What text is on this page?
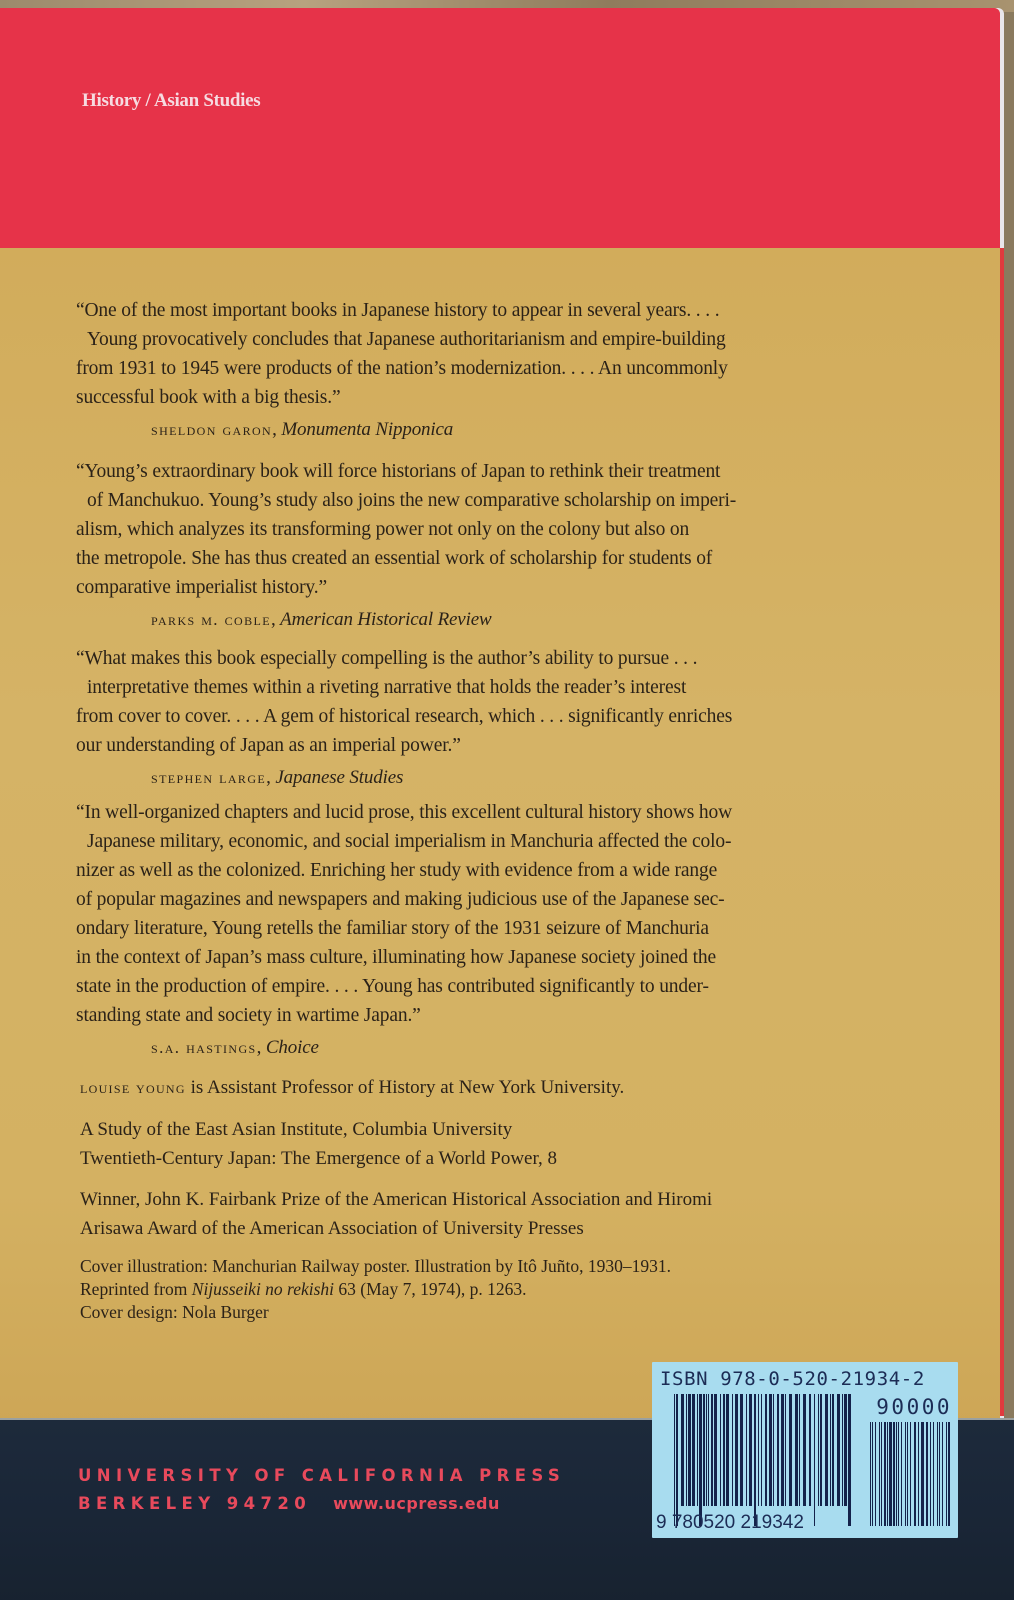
History / Asian Studies
“One of the most important books in Japanese history to appear in several years. . . .
Young provocatively concludes that Japanese authoritarianism and empire-building
from 1931 to 1945 were products of the nation’s modernization. . . . An uncommonly
successful book with a big thesis.”
sheldon garon, Monumenta Nipponica
“Young’s extraordinary book will force historians of Japan to rethink their treatment
of Manchukuo. Young’s study also joins the new comparative scholarship on imperi-
alism, which analyzes its transforming power not only on the colony but also on
the metropole. She has thus created an essential work of scholarship for students of
comparative imperialist history.”
parks m. coble, American Historical Review
“What makes this book especially compelling is the author’s ability to pursue . . .
interpretative themes within a riveting narrative that holds the reader’s interest
from cover to cover. . . . A gem of historical research, which . . . significantly enriches
our understanding of Japan as an imperial power.”
stephen large, Japanese Studies
“In well-organized chapters and lucid prose, this excellent cultural history shows how
Japanese military, economic, and social imperialism in Manchuria affected the colo-
nizer as well as the colonized. Enriching her study with evidence from a wide range
of popular magazines and newspapers and making judicious use of the Japanese sec-
ondary literature, Young retells the familiar story of the 1931 seizure of Manchuria
in the context of Japan’s mass culture, illuminating how Japanese society joined the
state in the production of empire. . . . Young has contributed significantly to under-
standing state and society in wartime Japan.”
s.a. hastings, Choice
louise young is Assistant Professor of History at New York University.
A Study of the East Asian Institute, Columbia University
Twentieth-Century Japan: The Emergence of a World Power, 8
Winner, John K. Fairbank Prize of the American Historical Association and Hiromi
Arisawa Award of the American Association of University Presses
Cover illustration: Manchurian Railway poster. Illustration by Itô Juñto, 1930–1931.
Reprinted from Nijusseiki no rekishi 63 (May 7, 1974), p. 1263.
Cover design: Nola Burger
UNIVERSITY OF CALIFORNIA PRESS
BERKELEY 94720 www.ucpress.edu
ISBN 978-0-520-21934-2
90000
9 780520 219342
